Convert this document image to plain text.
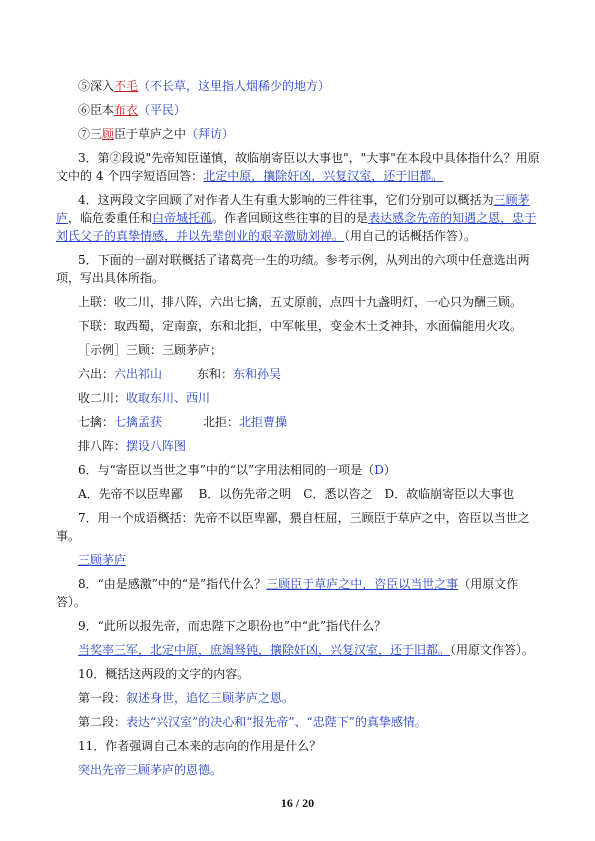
⑤深入不毛（不长草，这里指人烟稀少的地方）
⑥臣本布衣（平民）
⑦三顾臣于草庐之中（拜访）
3．第②段说"先帝知臣谨慎，故临崩寄臣以大事也"，"大事"在本段中具体指什么？用原
文中的 4 个四字短语回答：北定中原，攘除奸凶，兴复汉室，还于旧都。
4．这两段文字回顾了对作者人生有重大影响的三件往事，它们分别可以概括为三顾茅
庐，临危委重任和白帝城托孤。作者回顾这些往事的目的是表达感念先帝的知遇之恩，忠于
刘氏父子的真挚情感，并以先辈创业的艰辛激励刘禅。（用自己的话概括作答）。
5．下面的一副对联概括了诸葛亮一生的功绩。参考示例，从列出的六项中任意选出两
项，写出具体所指。
上联：收二川，排八阵，六出七擒，五丈原前，点四十九盏明灯，一心只为酬三顾。
下联：取西蜀，定南蛮，东和北拒，中军帐里，变金木土爻神卦，水面偏能用火攻。
［示例］三顾：三顾茅庐；
六出：六出祁山	东和：东和孙吴
收二川：收取东川、西川
七擒：七擒孟获	北拒：北拒曹操
排八阵：摆设八阵图
6．与“寄臣以当世之事”中的“以”字用法相同的一项是（D）
A．先帝不以臣卑鄙　 B．以伤先帝之明　C．悉以咨之　D．故临崩寄臣以大事也
7．用一个成语概括：先帝不以臣卑鄙，猥自枉屈，三顾臣于草庐之中，咨臣以当世之
事。
三顾茅庐
8．“由是感激”中的“是”指代什么？三顾臣于草庐之中，咨臣以当世之事（用原文作
答）。
9．“此所以报先帝，而忠陛下之职份也”中“此”指代什么？
当奖率三军，北定中原，庶竭驽钝，攘除奸凶，兴复汉室，还于旧都。（用原文作答）。
10．概括这两段的文字的内容。
第一段：叙述身世，追忆三顾茅庐之恩。
第二段：表达“兴汉室”的决心和“报先帝”、“忠陛下”的真挚感情。
11．作者强调自己本来的志向的作用是什么？
突出先帝三顾茅庐的恩德。
16 / 20
